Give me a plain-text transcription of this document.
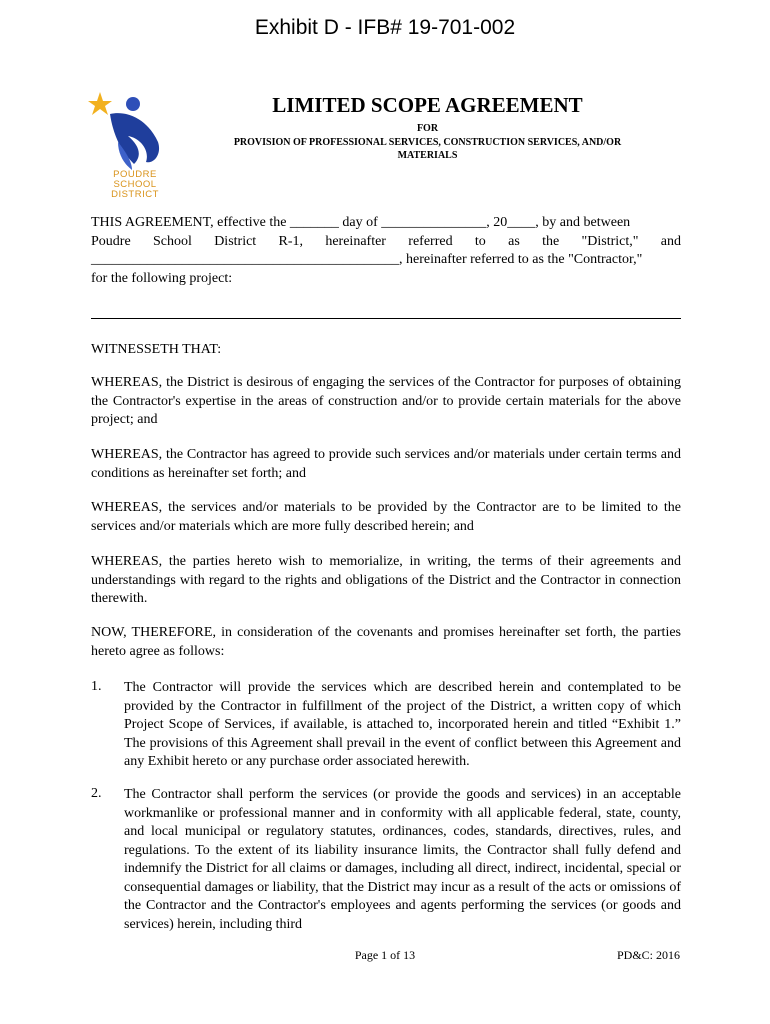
Exhibit D - IFB# 19-701-002
POUDRE
SCHOOL
DISTRICT
LIMITED SCOPE AGREEMENT
FOR
PROVISION OF PROFESSIONAL SERVICES, CONSTRUCTION SERVICES, AND/OR
MATERIALS
THIS AGREEMENT, effective the _______ day of _______________, 20____, by and between
Poudre School District R-1, hereinafter referred to as the "District," and
____________________________________________, hereinafter referred to as the "Contractor,"
for the following project:
WITNESSETH THAT:
WHEREAS, the District is desirous of engaging the services of the Contractor for purposes of obtaining the Contractor's expertise in the areas of construction and/or to provide certain materials for the above project; and
WHEREAS, the Contractor has agreed to provide such services and/or materials under certain terms and conditions as hereinafter set forth; and
WHEREAS, the services and/or materials to be provided by the Contractor are to be limited to the services and/or materials which are more fully described herein; and
WHEREAS, the parties hereto wish to memorialize, in writing, the terms of their agreements and understandings with regard to the rights and obligations of the District and the Contractor in connection therewith.
NOW, THEREFORE, in consideration of the covenants and promises hereinafter set forth, the parties hereto agree as follows:
1. The Contractor will provide the services which are described herein and contemplated to be provided by the Contractor in fulfillment of the project of the District, a written copy of which Project Scope of Services, if available, is attached to, incorporated herein and titled “Exhibit 1.” The provisions of this Agreement shall prevail in the event of conflict between this Agreement and any Exhibit hereto or any purchase order associated herewith.
2. The Contractor shall perform the services (or provide the goods and services) in an acceptable workmanlike or professional manner and in conformity with all applicable federal, state, county, and local municipal or regulatory statutes, ordinances, codes, standards, directives, rules, and regulations. To the extent of its liability insurance limits, the Contractor shall fully defend and indemnify the District for all claims or damages, including all direct, indirect, incidental, special or consequential damages or liability, that the District may incur as a result of the acts or omissions of the Contractor and the Contractor's employees and agents performing the services (or goods and services) herein, including third
Page 1 of 13	PD&C: 2016
